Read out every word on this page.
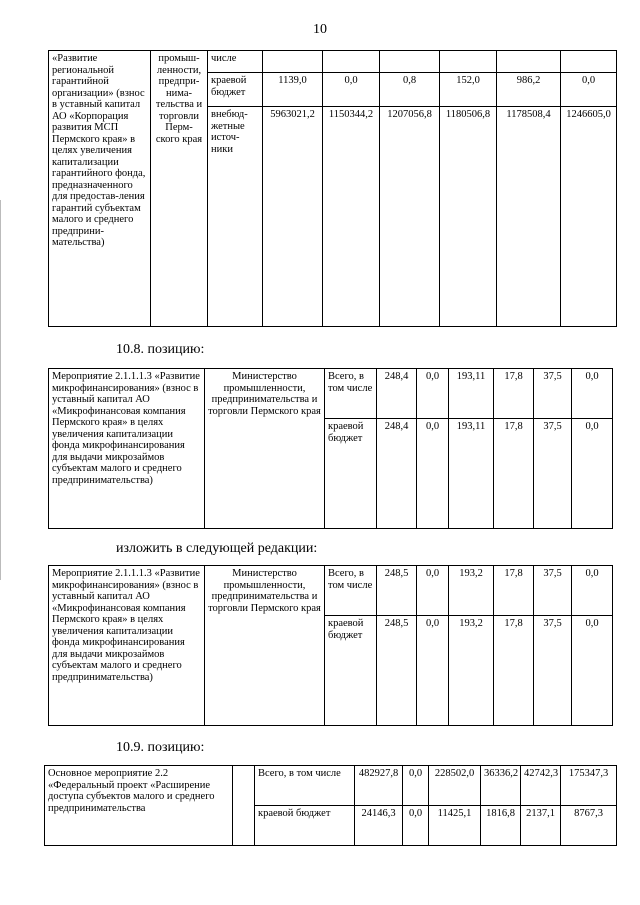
10
«Развитие региональной гарантийной организации» (взнос в уставный капитал АО «Корпорация развития МСП Пермского края» в целях увеличения капитализации гарантийного фонда, предназначенного для предостав-ления гарантий субъектам малого и среднего предприни-мательства)	промыш-ленности, предпри-нима-тельства и торговли Перм-ского края	числе						
		краевой бюджет	1139,0	0,0	0,8	152,0	986,2	0,0
		внебюд-жетные источ-ники	5963021,2	1150344,2	1207056,8	1180506,8	1178508,4	1246605,0
10.8. позицию:
Мероприятие 2.1.1.1.3 «Развитие микрофинансирования» (взнос в уставный капитал АО «Микрофинансовая компания Пермского края» в целях увеличения капитализации фонда микрофинансирования для выдачи микрозаймов субъектам малого и среднего предпринимательства)	Министерство промышленности, предпринимательства и торговли Пермского края	Всего, в том числе	248,4	0,0	193,11	17,8	37,5	0,0
		краевой бюджет	248,4	0,0	193,11	17,8	37,5	0,0
изложить в следующей редакции:
Мероприятие 2.1.1.1.3 «Развитие микрофинансирования» (взнос в уставный капитал АО «Микрофинансовая компания Пермского края» в целях увеличения капитализации фонда микрофинансирования для выдачи микрозаймов субъектам малого и среднего предпринимательства)	Министерство промышленности, предпринимательства и торговли Пермского края	Всего, в том числе	248,5	0,0	193,2	17,8	37,5	0,0
		краевой бюджет	248,5	0,0	193,2	17,8	37,5	0,0
10.9. позицию:
Основное мероприятие 2.2 «Федеральный проект «Расширение доступа субъектов малого и среднего предпринимательства		Всего, в том числе	482927,8	0,0	228502,0	36336,2	42742,3	175347,3
		краевой бюджет	24146,3	0,0	11425,1	1816,8	2137,1	8767,3
